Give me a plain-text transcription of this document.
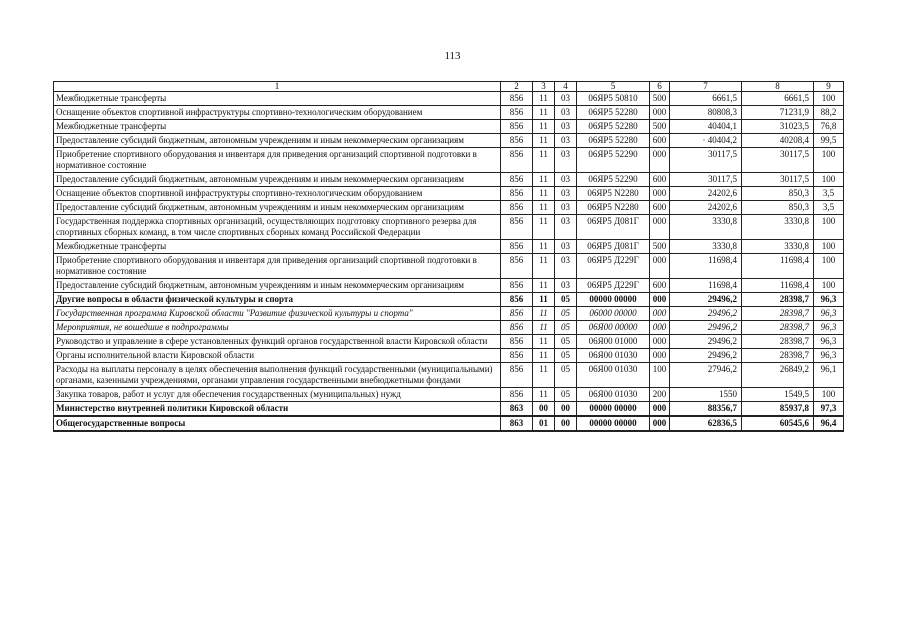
113
1	2	3	4	5	6	7	8	9
Межбюджетные трансферты	856	11	03	06ЯР5 50810	500	6661,5	6661,5	100
Оснащение объектов спортивной инфраструктуры спортивно-технологическим оборудованием	856	11	03	06ЯР5 52280	000	80808,3	71231,9	88,2
Межбюджетные трансферты	856	11	03	06ЯР5 52280	500	40404,1	31023,5	76,8
Предоставление субсидий бюджетным, автономным учреждениям и иным некоммерческим организациям	856	11	03	06ЯР5 52280	600	· 40404,2	40208,4	99,5
Приобретение спортивного оборудования и инвентаря для приведения организаций спортивной подготовки в нормативное состояние	856	11	03	06ЯР5 52290	000	30117,5	30117,5	100
Предоставление субсидий бюджетным, автономным учреждениям и иным некоммерческим организациям	856	11	03	06ЯР5 52290	600	30117,5	30117,5	100
Оснащение объектов спортивной инфраструктуры спортивно-технологическим оборудованием	856	11	03	06ЯР5 N2280	000	24202,6	850,3	3,5
Предоставление субсидий бюджетным, автономным учреждениям и иным некоммерческим организациям	856	11	03	06ЯР5 N2280	600	24202,6	850,3	3,5
Государственная поддержка спортивных организаций, осуществляющих подготовку спортивного резерва для спортивных сборных команд, в том числе спортивных сборных команд Российской Федерации	856	11	03	06ЯР5 Д081Г	000	3330,8	3330,8	100
Межбюджетные трансферты	856	11	03	06ЯР5 Д081Г	500	3330,8	3330,8	100
Приобретение спортивного оборудования и инвентаря для приведения организаций спортивной подготовки в нормативное состояние	856	11	03	06ЯР5 Д229Г	000	11698,4	11698,4	100
Предоставление субсидий бюджетным, автономным учреждениям и иным некоммерческим организациям	856	11	03	06ЯР5 Д229Г	600	11698,4	11698,4	100
Другие вопросы в области физической культуры и спорта	856	11	05	00000 00000	000	29496,2	28398,7	96,3
Государственная программа Кировской области "Развитие физической культуры и спорта"	856	11	05	06000 00000	000	29496,2	28398,7	96,3
Мероприятия, не вошедшие в подпрограммы	856	11	05	06Я00 00000	000	29496,2	28398,7	96,3
Руководство и управление в сфере установленных функций органов государственной власти Кировской области	856	11	05	06Я00 01000	000	29496,2	28398,7	96,3
Органы исполнительной власти Кировской области	856	11	05	06Я00 01030	000	29496,2	28398,7	96,3
Расходы на выплаты персоналу в целях обеспечения выполнения функций государственными (муниципальными) органами, казенными учреждениями, органами управления государственными внебюджетными фондами	856	11	05	06Я00 01030	100	27946,2	26849,2	96,1
Закупка товаров, работ и услуг для обеспечения государственных (муниципальных) нужд	856	11	05	06Я00 01030	200	1550	1549,5	100
Министерство внутренней политики Кировской области	863	00	00	00000 00000	000	88356,7	85937,8	97,3
Общегосударственные вопросы	863	01	00	00000 00000	000	62836,5	60545,6	96,4
